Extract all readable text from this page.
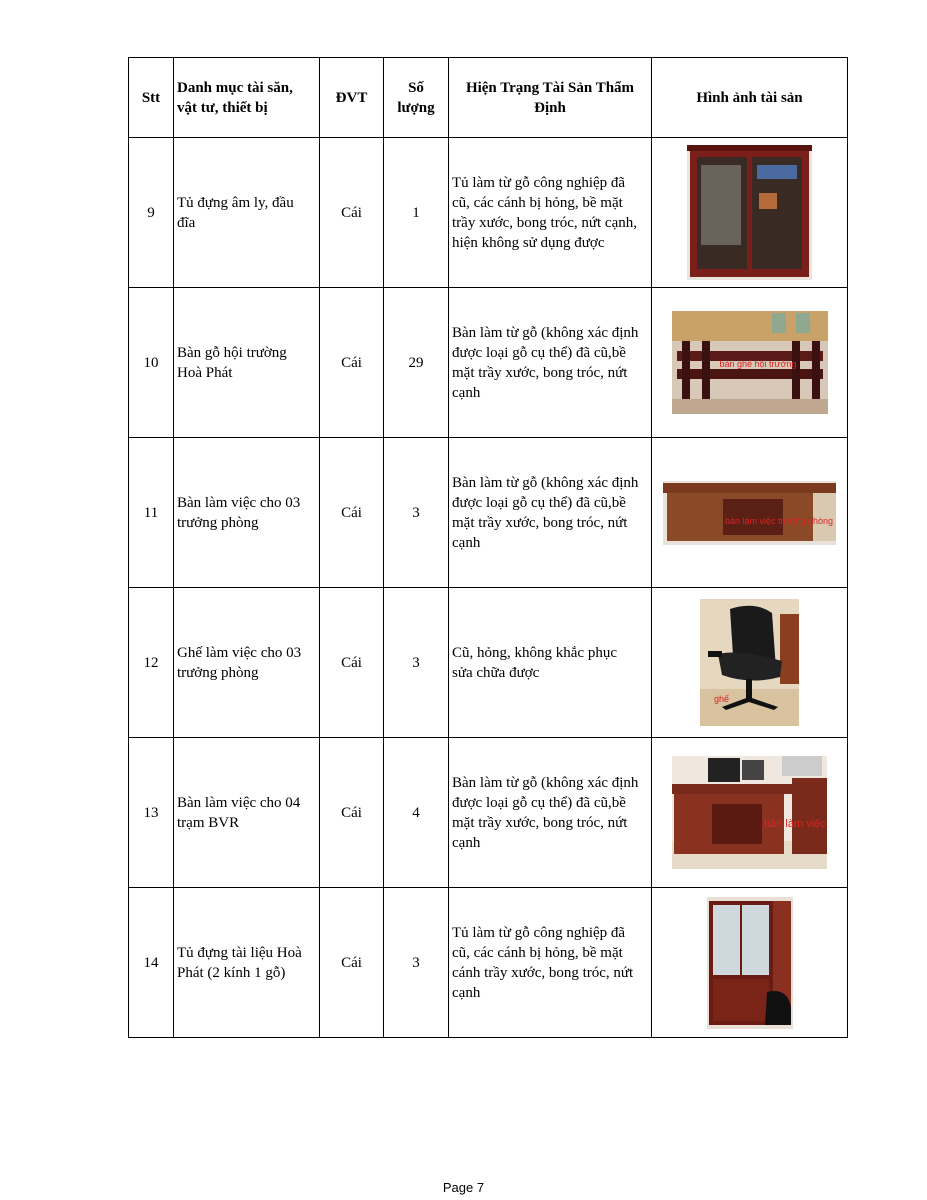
Stt	Danh mục tài săn,
vật tư, thiết bị	ĐVT	Số
lượng	Hiện Trạng Tài Sản Thẩm
Định	Hình ảnh tài sản
9	Tủ đựng âm ly, đầu
đĩa	Cái	1	Tủ làm từ gỗ công nghiệp đã
cũ, các cánh bị hỏng, bề mặt
trầy xước, bong tróc, nứt cạnh,
hiện không sử dụng được	

10	Bàn gỗ hội trường
Hoà Phát	Cái	29	Bàn làm từ gỗ (không xác định
được loại gỗ cụ thể) đã cũ,bề
mặt trầy xước, bong tróc, nứt
cạnh	bàn ghế hội trường

11	Bàn làm việc cho 03
trưởng phòng	Cái	3	Bàn làm từ gỗ (không xác định
được loại gỗ cụ thể) đã cũ,bề
mặt trầy xước, bong tróc, nứt
cạnh	bàn làm việc trưởng phòng

12	Ghế làm việc cho 03
trưởng phòng	Cái	3	Cũ, hỏng, không khắc phục
sửa chữa được	ghế

13	Bàn làm việc cho 04
trạm BVR	Cái	4	Bàn làm từ gỗ (không xác định
được loại gỗ cụ thể) đã cũ,bề
mặt trầy xước, bong tróc, nứt
cạnh	bàn làm việc

14	Tủ đựng tài liệu Hoà
Phát (2 kính 1 gỗ)	Cái	3	Tủ làm từ gỗ công nghiệp đã
cũ, các cánh bị hỏng, bề mặt
cánh trầy xước, bong tróc, nứt
cạnh	
Page 7
